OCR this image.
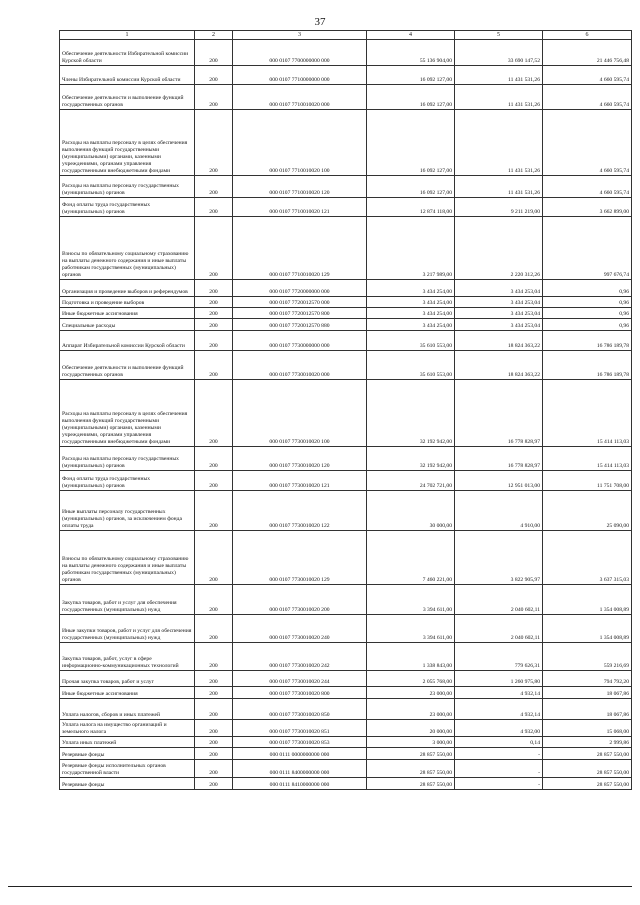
37
1	2	3	4	5	6
Обеспечение деятельности Избирательной комиссии Курской области	200	000 0107 7700000000 000	55 136 904,00	33 690 147,52	21 446 756,48
Члены Избирательной комиссии Курской области	200	000 0107 7710000000 000	16 092 127,00	11 431 531,26	4 660 595,74
Обеспечение деятельности и выполнение функций государственных органов	200	000 0107 7710010020 000	16 092 127,00	11 431 531,26	4 660 595,74
Расходы на выплаты персоналу в целях обеспечения выполнения функций государственными (муниципальными) органами, казенными учреждениями, органами управления государственными внебюджетными фондами	200	000 0107 7710010020 100	16 092 127,00	11 431 531,26	4 660 595,74
Расходы на выплаты персоналу государственных (муниципальных) органов	200	000 0107 7710010020 120	16 092 127,00	11 431 531,26	4 660 595,74
Фонд оплаты труда государственных (муниципальных) органов	200	000 0107 7710010020 121	12 874 118,00	9 211 219,00	3 662 899,00
Взносы по обязательному социальному страхованию на выплаты денежного содержания и иные выплаты работникам государственных (муниципальных) органов	200	000 0107 7710010020 129	3 217 989,00	2 220 312,26	997 676,74
Организация и проведение выборов и референдумов	200	000 0107 7720000000 000	3 434 254,00	3 434 253,04	0,96
Подготовка и проведение выборов	200	000 0107 7720012570 000	3 434 254,00	3 434 253,04	0,96
Иные бюджетные ассигнования	200	000 0107 7720012570 800	3 434 254,00	3 434 253,04	0,96
Специальные расходы	200	000 0107 7720012570 880	3 434 254,00	3 434 253,04	0,96
Аппарат Избирательной комиссии Курской области	200	000 0107 7730000000 000	35 610 553,00	18 824 363,22	16 786 189,78
Обеспечение деятельности и выполнение функций государственных органов	200	000 0107 7730010020 000	35 610 553,00	18 824 363,22	16 786 189,78
Расходы на выплаты персоналу в целях обеспечения выполнения функций государственными (муниципальными) органами, казенными учреждениями, органами управления государственными внебюджетными фондами	200	000 0107 7730010020 100	32 192 942,00	16 778 828,97	15 414 113,03
Расходы на выплаты персоналу государственных (муниципальных) органов	200	000 0107 7730010020 120	32 192 942,00	16 778 828,97	15 414 113,03
Фонд оплаты труда государственных (муниципальных) органов	200	000 0107 7730010020 121	24 702 721,00	12 951 013,00	11 751 708,00
Иные выплаты персоналу государственных (муниципальных) органов, за исключением фонда оплаты труда	200	000 0107 7730010020 122	30 000,00	4 910,00	25 090,00
Взносы по обязательному социальному страхованию на выплаты денежного содержания и иные выплаты работникам государственных (муниципальных) органов	200	000 0107 7730010020 129	7 460 221,00	3 822 905,97	3 637 315,03
Закупка товаров, работ и услуг для обеспечения государственных (муниципальных) нужд	200	000 0107 7730010020 200	3 394 611,00	2 040 602,11	1 354 008,89
Иные закупки товаров, работ и услуг для обеспечения государственных (муниципальных) нужд	200	000 0107 7730010020 240	3 394 611,00	2 040 602,11	1 354 008,89
Закупка товаров, работ, услуг в сфере информационно-коммуникационных технологий	200	000 0107 7730010020 242	1 338 843,00	779 626,31	559 216,69
Прочая закупка товаров, работ и услуг	200	000 0107 7730010020 244	2 055 768,00	1 260 975,80	794 792,20
Иные бюджетные ассигнования	200	000 0107 7730010020 800	23 000,00	4 932,14	18 067,86
Уплата налогов, сборов и иных платежей	200	000 0107 7730010020 850	23 000,00	4 932,14	18 067,86
Уплата налога на имущество организаций и земельного налога	200	000 0107 7730010020 851	20 000,00	4 932,00	15 068,00
Уплата иных платежей	200	000 0107 7730010020 853	3 000,00	0,14	2 999,86
Резервные фонды	200	000 0111 0000000000 000	28 857 550,00	-	28 857 550,00
Резервные фонды исполнительных органов государственной власти	200	000 0111 8400000000 000	28 857 550,00	-	28 857 550,00
Резервные фонды	200	000 0111 8410000000 000	28 857 550,00	-	28 857 550,00
